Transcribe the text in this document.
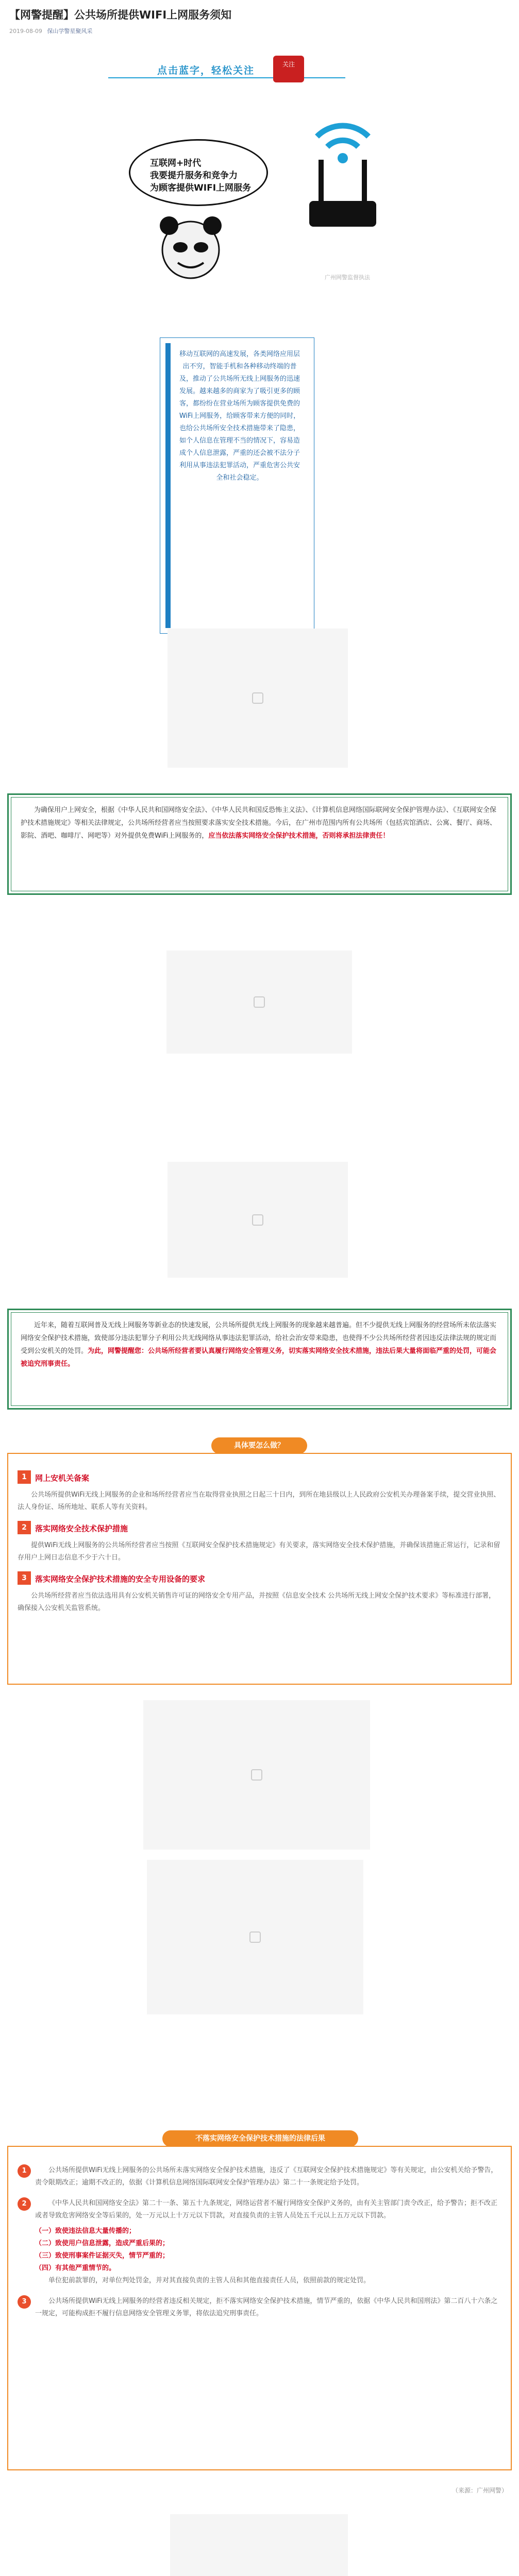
【网警提醒】公共场所提供WIFI上网服务须知
2019-08-09 保山学警星聚风采
点击蓝字，轻松关注
关注

互联网+时代

我要提升服务和竞争力

为顾客提供WIFI上网服务

广州网警监督执法

移动互联网的高速发展，各类网络应用层出不穷，智能手机和各种移动终端的普及，推动了公共场所无线上网服务的迅速发展。越来越多的商家为了吸引更多的顾客，都纷纷在营业场所为顾客提供免费的WiFi上网服务，给顾客带来方便的同时，也给公共场所安全技术措施带来了隐患，如个人信息在管理不当的情况下，容易造成个人信息泄露，严重的还会被不法分子利用从事违法犯罪活动，严重危害公共安全和社会稳定。

为确保用户上网安全，根据《中华人民共和国网络安全法》、《中华人民共和国反恐怖主义法》、《计算机信息网络国际联网安全保护管理办法》、《互联网安全保护技术措施规定》等相关法律规定，公共场所经营者应当按照要求落实安全技术措施。今后，在广州市范围内所有公共场所（包括宾馆酒店、公寓、餐厅、商场、影院、酒吧、咖啡厅、网吧等）对外提供免费WiFi上网服务的，应当依法落实网络安全保护技术措施，否则将承担法律责任！

近年来，随着互联网普及无线上网服务等新业态的快速发展，公共场所提供无线上网服务的现象越来越普遍。但不少提供无线上网服务的经营场所未依法落实网络安全保护技术措施，致使部分违法犯罪分子利用公共无线网络从事违法犯罪活动，给社会治安带来隐患，也使得不少公共场所经营者因违反法律法规的规定而受到公安机关的处罚。为此，网警提醒您：公共场所经营者要认真履行网络安全管理义务，切实落实网络安全技术措施，违法后果大量将面临严重的处罚，可能会被追究刑事责任。

具体要怎么做？
1	网上安机关备案

公共场所提供WiFi无线上网服务的企业和场所经营者应当在取得营业执照之日起三十日内，到所在地县级以上人民政府公安机关办理备案手续，提交营业执照、法人身份证、场所地址、联系人等有关资料。

2	落实网络安全技术保护措施

提供WiFi无线上网服务的公共场所经营者应当按照《互联网安全保护技术措施规定》有关要求，落实网络安全技术保护措施，并确保该措施正常运行，记录和留存用户上网日志信息不少于六十日。

3	落实网络安全保护技术措施的安全专用设备的要求

公共场所经营者应当依法选用具有公安机关销售许可证的网络安全专用产品，并按照《信息安全技术 公共场所无线上网安全保护技术要求》等标准进行部署，确保接入公安机关监管系统。

不落实网络安全保护技术措施的法律后果
1	公共场所提供WiFi无线上网服务的公共场所未落实网络安全保护技术措施，违反了《互联网安全保护技术措施规定》等有关规定，由公安机关给予警告，责令限期改正；逾期不改正的，依据《计算机信息网络国际联网安全保护管理办法》第二十一条规定给予处罚。

2	《中华人民共和国网络安全法》第二十一条、第五十九条规定，网络运营者不履行网络安全保护义务的，由有关主管部门责令改正，给予警告；拒不改正或者导致危害网络安全等后果的，处一万元以上十万元以下罚款，对直接负责的主管人员处五千元以上五万元以下罚款。

（一）致使违法信息大量传播的；

（二）致使用户信息泄露，造成严重后果的；

（三）致使刑事案件证据灭失，情节严重的；

（四）有其他严重情节的。

单位犯前款罪的，对单位判处罚金，并对其直接负责的主管人员和其他直接责任人员，依照前款的规定处罚。

3	公共场所提供WiFi无线上网服务的经营者违反相关规定，拒不落实网络安全保护技术措施，情节严重的，依据《中华人民共和国刑法》第二百八十六条之一规定，可能构成拒不履行信息网络安全管理义务罪，将依法追究刑事责任。

（来源：广州网警）
